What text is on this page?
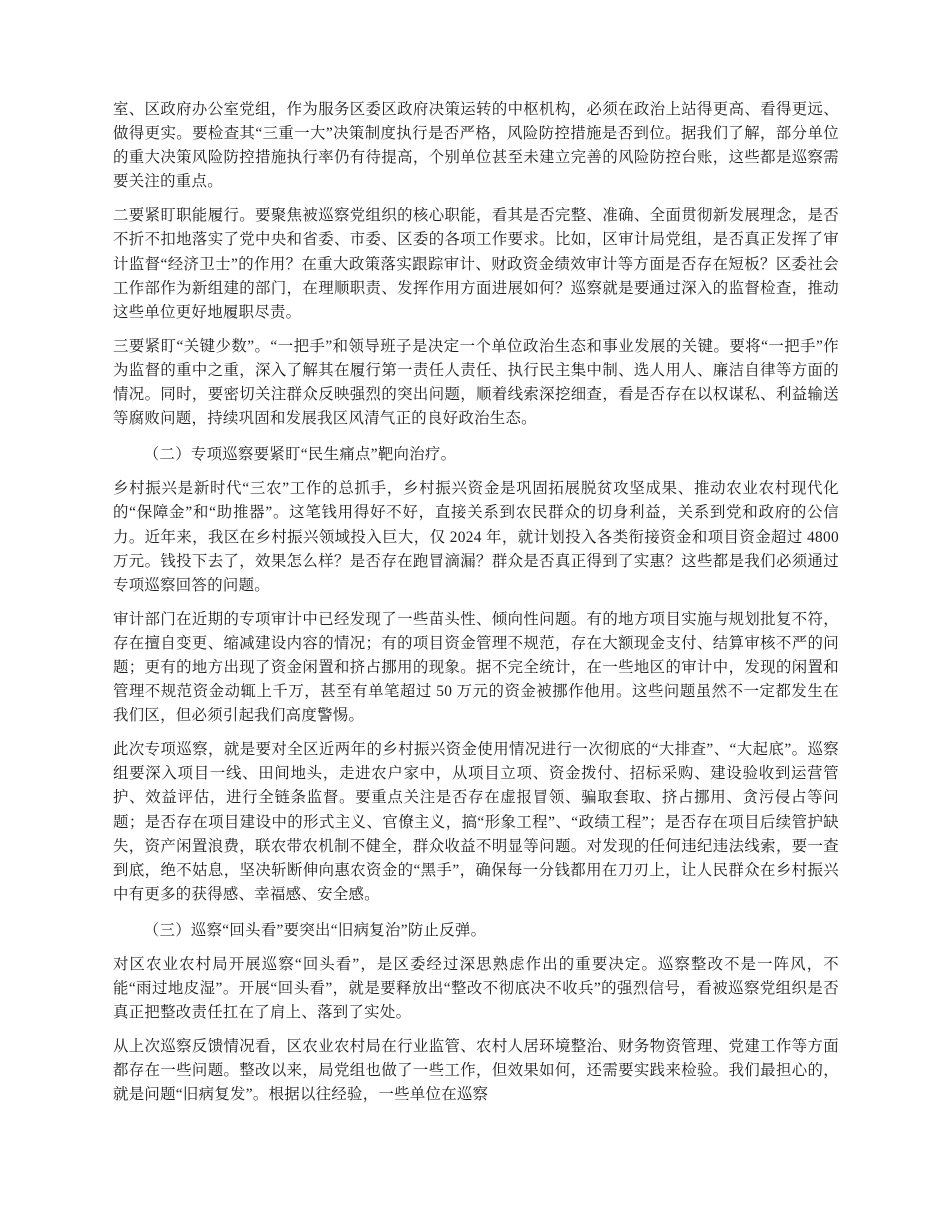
室、区政府办公室党组，作为服务区委区政府决策运转的中枢机构，必须在政治上站得更高、看得更远、做得更实。要检查其“三重一大”决策制度执行是否严格，风险防控措施是否到位。据我们了解，部分单位的重大决策风险防控措施执行率仍有待提高，个别单位甚至未建立完善的风险防控台账，这些都是巡察需要关注的重点。

二要紧盯职能履行。要聚焦被巡察党组织的核心职能，看其是否完整、准确、全面贯彻新发展理念，是否不折不扣地落实了党中央和省委、市委、区委的各项工作要求。比如，区审计局党组，是否真正发挥了审计监督“经济卫士”的作用？在重大政策落实跟踪审计、财政资金绩效审计等方面是否存在短板？区委社会工作部作为新组建的部门，在理顺职责、发挥作用方面进展如何？巡察就是要通过深入的监督检查，推动这些单位更好地履职尽责。

三要紧盯“关键少数”。“一把手”和领导班子是决定一个单位政治生态和事业发展的关键。要将“一把手”作为监督的重中之重，深入了解其在履行第一责任人责任、执行民主集中制、选人用人、廉洁自律等方面的情况。同时，要密切关注群众反映强烈的突出问题，顺着线索深挖细查，看是否存在以权谋私、利益输送等腐败问题，持续巩固和发展我区风清气正的良好政治生态。

（二）专项巡察要紧盯“民生痛点”靶向治疗。

乡村振兴是新时代“三农”工作的总抓手，乡村振兴资金是巩固拓展脱贫攻坚成果、推动农业农村现代化的“保障金”和“助推器”。这笔钱用得好不好，直接关系到农民群众的切身利益，关系到党和政府的公信力。近年来，我区在乡村振兴领域投入巨大，仅 2024 年，就计划投入各类衔接资金和项目资金超过 4800 万元。钱投下去了，效果怎么样？是否存在跑冒滴漏？群众是否真正得到了实惠？这些都是我们必须通过专项巡察回答的问题。

审计部门在近期的专项审计中已经发现了一些苗头性、倾向性问题。有的地方项目实施与规划批复不符，存在擅自变更、缩减建设内容的情况；有的项目资金管理不规范，存在大额现金支付、结算审核不严的问题；更有的地方出现了资金闲置和挤占挪用的现象。据不完全统计，在一些地区的审计中，发现的闲置和管理不规范资金动辄上千万，甚至有单笔超过 50 万元的资金被挪作他用。这些问题虽然不一定都发生在我们区，但必须引起我们高度警惕。

此次专项巡察，就是要对全区近两年的乡村振兴资金使用情况进行一次彻底的“大排查”、“大起底”。巡察组要深入项目一线、田间地头，走进农户家中，从项目立项、资金拨付、招标采购、建设验收到运营管护、效益评估，进行全链条监督。要重点关注是否存在虚报冒领、骗取套取、挤占挪用、贪污侵占等问题；是否存在项目建设中的形式主义、官僚主义，搞“形象工程”、“政绩工程”；是否存在项目后续管护缺失，资产闲置浪费，联农带农机制不健全，群众收益不明显等问题。对发现的任何违纪违法线索，要一查到底，绝不姑息，坚决斩断伸向惠农资金的“黑手”，确保每一分钱都用在刀刃上，让人民群众在乡村振兴中有更多的获得感、幸福感、安全感。

（三）巡察“回头看”要突出“旧病复治”防止反弹。

对区农业农村局开展巡察“回头看”，是区委经过深思熟虑作出的重要决定。巡察整改不是一阵风，不能“雨过地皮湿”。开展“回头看”，就是要释放出“整改不彻底决不收兵”的强烈信号，看被巡察党组织是否真正把整改责任扛在了肩上、落到了实处。

从上次巡察反馈情况看，区农业农村局在行业监管、农村人居环境整治、财务物资管理、党建工作等方面都存在一些问题。整改以来，局党组也做了一些工作，但效果如何，还需要实践来检验。我们最担心的，就是问题“旧病复发”。根据以往经验，一些单位在巡察
